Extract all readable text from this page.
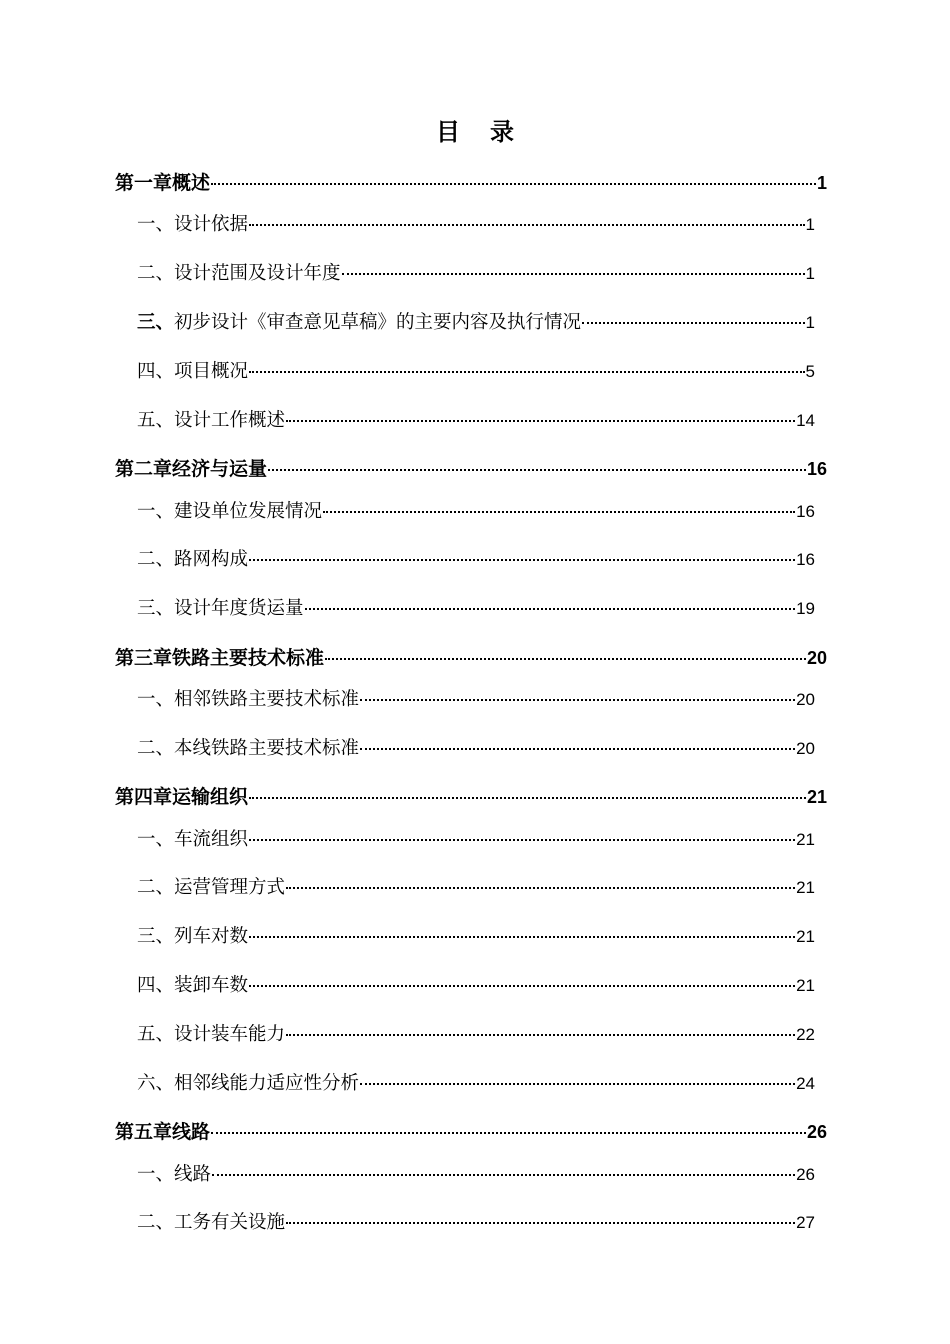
目录
第一章概述	1
一、设计依据	1
二、设计范围及设计年度	1
三、初步设计《审查意见草稿》的主要内容及执行情况	1
四、项目概况	5
五、设计工作概述	14
第二章经济与运量	16
一、建设单位发展情况	16
二、路网构成	16
三、设计年度货运量	19
第三章铁路主要技术标准	20
一、相邻铁路主要技术标准	20
二、本线铁路主要技术标准	20
第四章运输组织	21
一、车流组织	21
二、运营管理方式	21
三、列车对数	21
四、装卸车数	21
五、设计装车能力	22
六、相邻线能力适应性分析	24
第五章线路	26
一、线路	26
二、工务有关设施	27
